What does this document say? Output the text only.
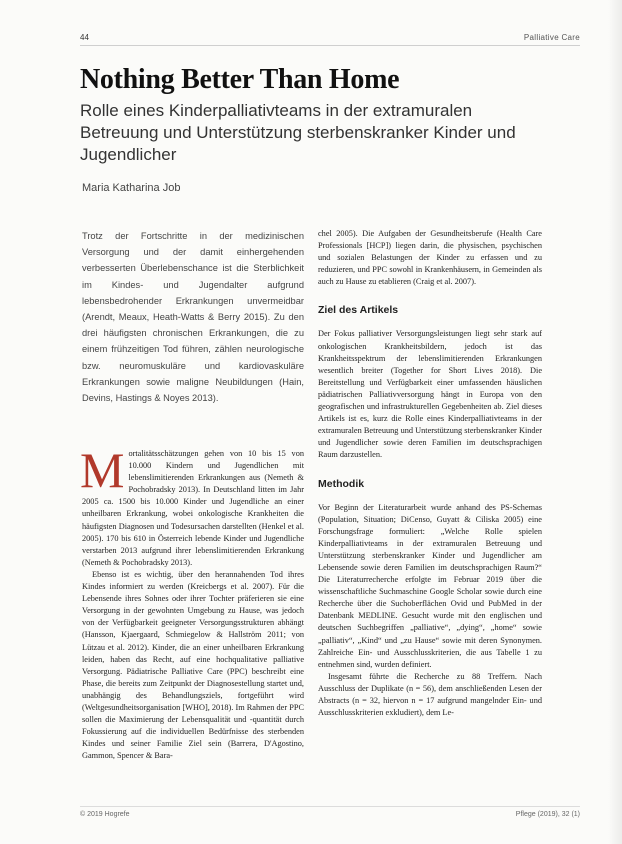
44	Palliative Care
Nothing Better Than Home
Rolle eines Kinderpalliativteams in der extramuralen Betreuung und Unterstützung sterbenskranker Kinder und Jugendlicher
Maria Katharina Job
Trotz der Fortschritte in der medizinischen Versorgung und der damit einhergehenden verbesserten Überlebenschance ist die Sterblichkeit im Kindes- und Jugendalter aufgrund lebensbedrohender Erkrankungen unvermeidbar (Arendt, Meaux, Heath-Watts & Berry 2015). Zu den drei häufigsten chronischen Erkrankungen, die zu einem frühzeitigen Tod führen, zählen neurologische bzw. neuromuskuläre und kardiovaskuläre Erkrankungen sowie maligne Neubildungen (Hain, Devins, Hastings & Noyes 2013).

Mortalitätsschätzungen gehen von 10 bis 15 von 10.000 Kindern und Jugendlichen mit lebenslimitierenden Erkrankungen aus (Nemeth & Pochobradsky 2013). In Deutschland litten im Jahr 2005 ca. 1500 bis 10.000 Kinder und Jugendliche an einer unheilbaren Erkrankung, wobei onkologische Krankheiten die häufigsten Diagnosen und Todesursachen darstellten (Henkel et al. 2005). 170 bis 610 in Österreich lebende Kinder und Jugendliche verstarben 2013 aufgrund ihrer lebenslimitierenden Erkrankung (Nemeth & Pochobradsky 2013).

Ebenso ist es wichtig, über den herannahenden Tod ihres Kindes informiert zu werden (Kreicbergs et al. 2007). Für die Lebensende ihres Sohnes oder ihrer Tochter präferieren sie eine Versorgung in der gewohnten Umgebung zu Hause, was jedoch von der Verfügbarkeit geeigneter Versorgungsstrukturen abhängt (Hansson, Kjaergaard, Schmiegelow & Hallström 2011; von Lützau et al. 2012). Kinder, die an einer unheilbaren Erkrankung leiden, haben das Recht, auf eine hochqualitative palliative Versorgung. Pädiatrische Palliative Care (PPC) beschreibt eine Phase, die bereits zum Zeitpunkt der Diagnosestellung startet und, unabhängig des Behandlungsziels, fortgeführt wird (Weltgesundheitsorganisation [WHO], 2018). Im Rahmen der PPC sollen die Maximierung der Lebensqualität und -quantität durch Fokussierung auf die individuellen Bedürfnisse des sterbenden Kindes und seiner Familie Ziel sein (Barrera, D'Agostino, Gammon, Spencer & Bara-

chel 2005). Die Aufgaben der Gesundheitsberufe (Health Care Professionals [HCP]) liegen darin, die physischen, psychischen und sozialen Belastungen der Kinder zu erfassen und zu reduzieren, und PPC sowohl in Krankenhäusern, in Gemeinden als auch zu Hause zu etablieren (Craig et al. 2007).

Ziel des Artikels

Der Fokus palliativer Versorgungsleistungen liegt sehr stark auf onkologischen Krankheitsbildern, jedoch ist das Krankheitsspektrum der lebenslimitierenden Erkrankungen wesentlich breiter (Together for Short Lives 2018). Die Bereitstellung und Verfügbarkeit einer umfassenden häuslichen pädiatrischen Palliativversorgung hängt in Europa von den geografischen und infrastrukturellen Gegebenheiten ab. Ziel dieses Artikels ist es, kurz die Rolle eines Kinderpalliativteams in der extramuralen Betreuung und Unterstützung sterbenskranker Kinder und Jugendlicher sowie deren Familien im deutschsprachigen Raum darzustellen.

Methodik

Vor Beginn der Literaturarbeit wurde anhand des PS-Schemas (Population, Situation; DiCenso, Guyatt & Ciliska 2005) eine Forschungsfrage formuliert: „Welche Rolle spielen Kinderpalliativteams in der extramuralen Betreuung und Unterstützung sterbenskranker Kinder und Jugendlicher am Lebensende sowie deren Familien im deutschsprachigen Raum?“ Die Literaturrecherche erfolgte im Februar 2019 über die wissenschaftliche Suchmaschine Google Scholar sowie durch eine Recherche über die Suchoberflächen Ovid und PubMed in der Datenbank MEDLINE. Gesucht wurde mit den englischen und deutschen Suchbegriffen „palliative“, „dying“, „home“ sowie „palliativ“, „Kind“ und „zu Hause“ sowie mit deren Synonymen. Zahlreiche Ein- und Ausschlusskriterien, die aus Tabelle 1 zu entnehmen sind, wurden definiert.

Insgesamt führte die Recherche zu 88 Treffern. Nach Ausschluss der Duplikate (n = 56), dem anschließenden Lesen der Abstracts (n = 32, hiervon n = 17 aufgrund mangelnder Ein- und Ausschlusskriterien exkludiert), dem Le-

© 2019 Hogrefe	Pflege (2019), 32 (1)
